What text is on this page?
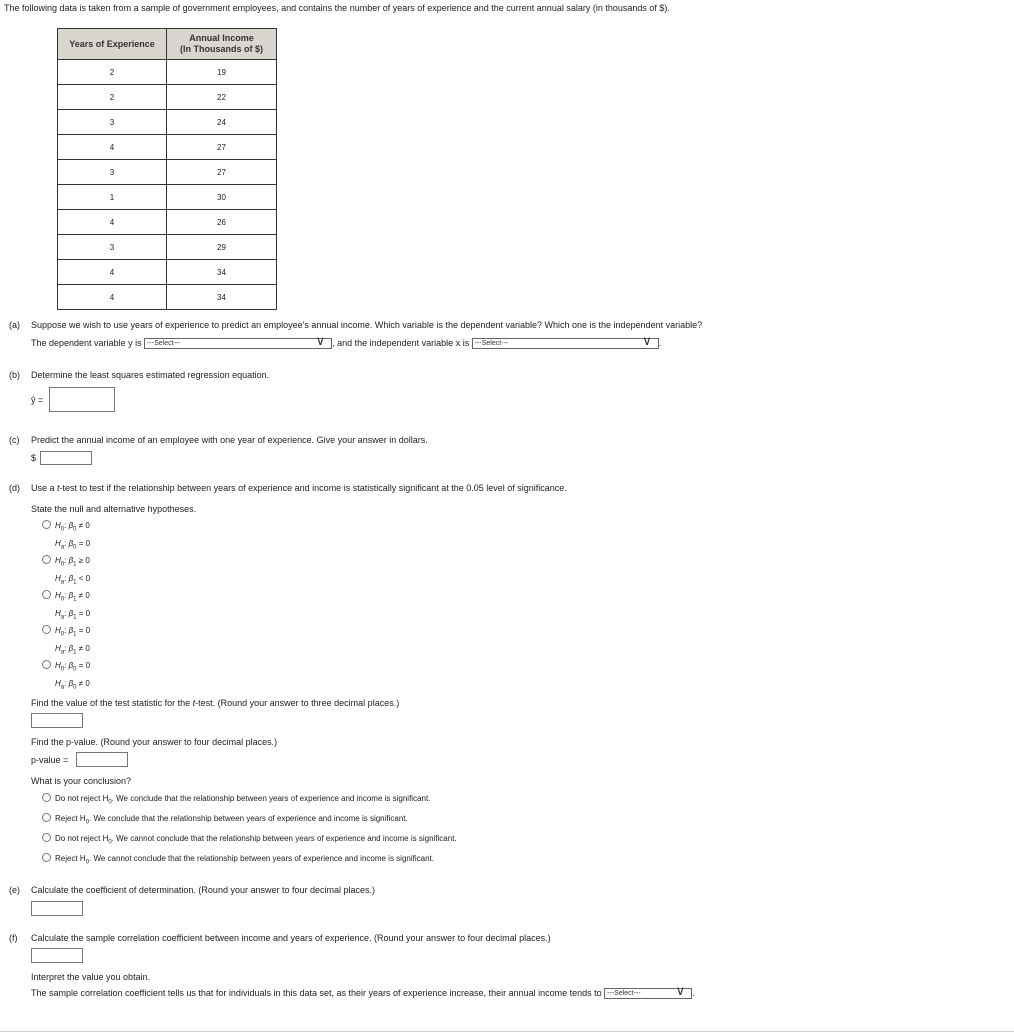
The following data is taken from a sample of government employees, and contains the number of years of experience and the current annual salary (in thousands of $).
Years of Experience	Annual Income
(In Thousands of $)
2	19
2	22
3	24
4	27
3	27
1	30
4	26
3	29
4	34
4	34
(a) Suppose we wish to use years of experience to predict an employee's annual income. Which variable is the dependent variable? Which one is the independent variable?
The dependent variable y is ---Select---	∨ , and the independent variable x is ---Select---	∨ .
(b) Determine the least squares estimated regression equation.
ŷ =
(c) Predict the annual income of an employee with one year of experience. Give your answer in dollars.
$
(d) Use a t-test to test if the relationship between years of experience and income is statistically significant at the 0.05 level of significance.
State the null and alternative hypotheses.
$H_0$: $\beta_0 \ne 0$
$H_a$: $\beta_0 = 0$
$H_0$: $\beta_1 \ge 0$
$H_a$: $\beta_1 < 0$
$H_0$: $\beta_1 \ne 0$
$H_a$: $\beta_1 = 0$
$H_0$: $\beta_1 = 0$
$H_a$: $\beta_1 \ne 0$
$H_0$: $\beta_0 = 0$
$H_a$: $\beta_0 \ne 0$
Find the value of the test statistic for the t-test. (Round your answer to three decimal places.)
Find the p-value. (Round your answer to four decimal places.)
p-value =
What is your conclusion?
Do not reject $H_0$. We conclude that the relationship between years of experience and income is significant.
Reject $H_0$. We conclude that the relationship between years of experience and income is significant.
Do not reject $H_0$. We cannot conclude that the relationship between years of experience and income is significant.
Reject $H_0$. We cannot conclude that the relationship between years of experience and income is significant.
(e) Calculate the coefficient of determination. (Round your answer to four decimal places.)
(f) Calculate the sample correlation coefficient between income and years of experience. (Round your answer to four decimal places.)
Interpret the value you obtain.
The sample correlation coefficient tells us that for individuals in this data set, as their years of experience increase, their annual income tends to ---Select---	∨ .
